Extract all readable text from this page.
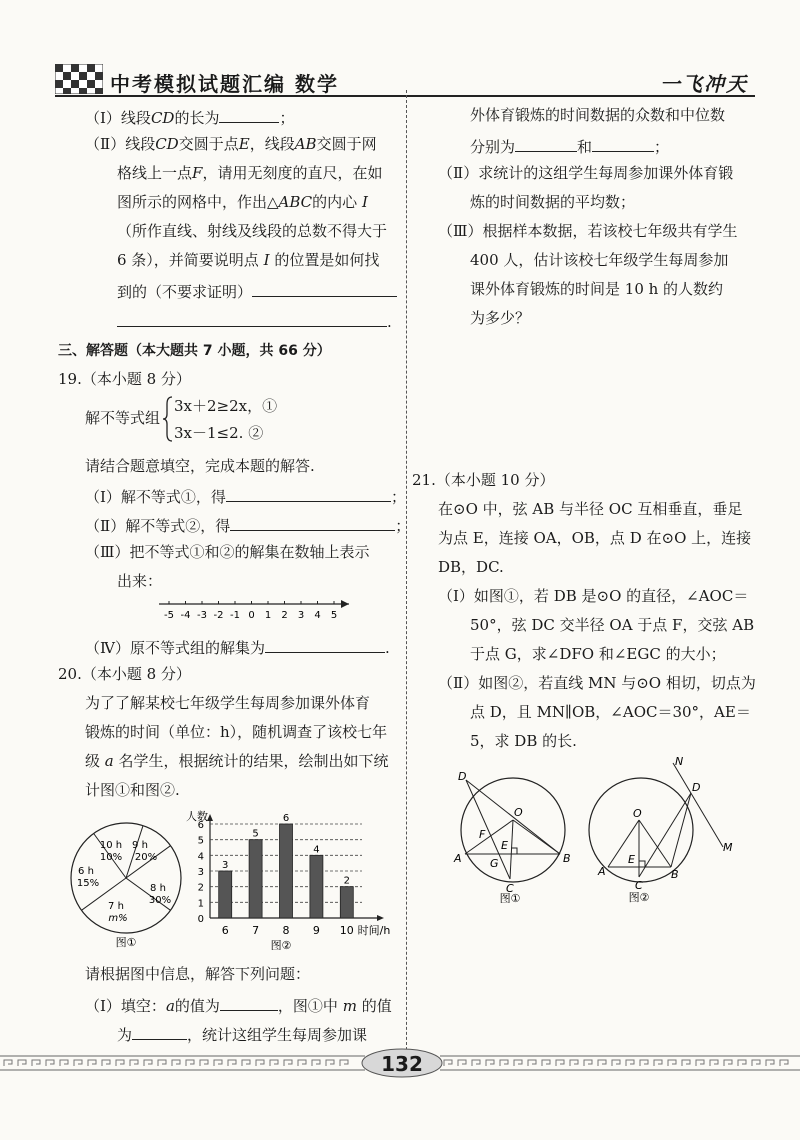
中考模拟试题汇编 数学	一飞冲天
（Ⅰ）线段CD的长为	；
（Ⅱ）线段CD交圆于点E，线段AB交圆于网
格线上一点F，请用无刻度的直尺，在如
图所示的网格中，作出△ABC的内心 I
（所作直线、射线及线段的总数不得大于
6 条），并简要说明点 I 的位置是如何找
到的（不要求证明）
.
三、解答题（本大题共 7 小题，共 66 分）
19.（本小题 8 分）
解不等式组
3x＋2≥2x，①
3x－1≤2. ②
请结合题意填空，完成本题的解答.
（Ⅰ）解不等式①，得	；
（Ⅱ）解不等式②，得	；
（Ⅲ）把不等式①和②的解集在数轴上表示
出来：
-5 -4 -3 -2 -1 0 1 2 3 4 5
（Ⅳ）原不等式组的解集为	.
20.（本小题 8 分）
为了了解某校七年级学生每周参加课外体育
锻炼的时间（单位：h），随机调查了该校七年
级 a 名学生，根据统计的结果，绘制出如下统
计图①和图②.
9 h
20%
8 h
30%
7 h
m%
6 h
15%
10 h
10%
图①
人数
0
1
2
3
4
5
6
3
6
5
7
6
8
4
9
2
10 时间/h
图②
请根据图中信息，解答下列问题：
（Ⅰ）填空：a的值为	，图①中 m 的值
为	，统计这组学生每周参加课
外体育锻炼的时间数据的众数和中位数
分别为	和	；
（Ⅱ）求统计的这组学生每周参加课外体育锻
炼的时间数据的平均数；
（Ⅲ）根据样本数据，若该校七年级共有学生
400 人，估计该校七年级学生每周参加
课外体育锻炼的时间是 10 h 的人数约
为多少？
21.（本小题 10 分）
在⊙O 中，弦 AB 与半径 OC 互相垂直，垂足
为点 E，连接 OA，OB，点 D 在⊙O 上，连接
DB，DC.
（Ⅰ）如图①，若 DB 是⊙O 的直径，∠AOC＝
50°，弦 DC 交半径 OA 于点 F，交弦 AB
于点 G，求∠DFO 和∠EGC 的大小；
（Ⅱ）如图②，若直线 MN 与⊙O 相切，切点为
点 D，且 MN∥OB，∠AOC＝30°，AE＝
5，求 DB 的长.
D
O
F
E
A	G	B
C
图①
N
D
O
M
E
A	B
C
图②
132
